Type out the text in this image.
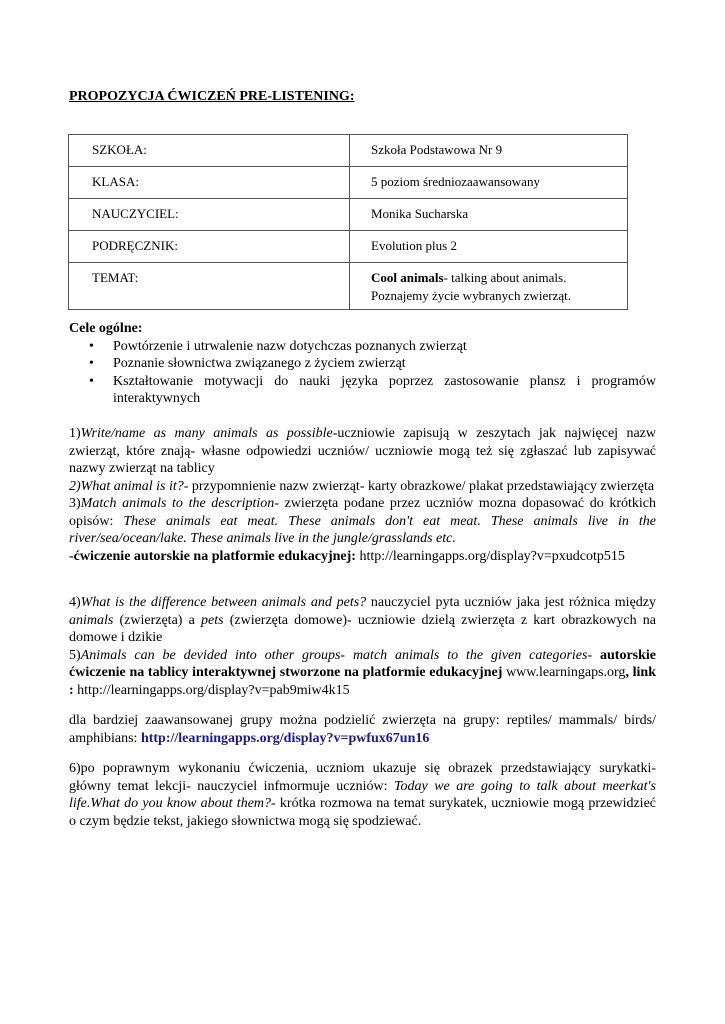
PROPOZYCJA ĆWICZEŃ PRE-LISTENING:
SZKOŁA:	Szkoła Podstawowa Nr 9
KLASA:	5 poziom średniozaawansowany
NAUCZYCIEL:	Monika Sucharska
PODRĘCZNIK:	Evolution plus 2
TEMAT:	Cool animals- talking about animals.
Poznajemy życie wybranych zwierząt.
Cele ogólne:
• Powtórzenie i utrwalenie nazw dotychczas poznanych zwierząt
• Poznanie słownictwa związanego z życiem zwierząt
• Kształtowanie motywacji do nauki języka poprzez zastosowanie plansz i programów interaktywnych

1)Write/name as many animals as possible-uczniowie zapisują w zeszytach jak najwięcej nazw zwierząt, które znają- własne odpowiedzi uczniów/ uczniowie mogą też się zgłaszać lub zapisywać nazwy zwierząt na tablicy

2)What animal is it?- przypomnienie nazw zwierząt- karty obrazkowe/ plakat przedstawiający zwierzęta

3)Match animals to the description- zwierzęta podane przez uczniów mozna dopasować do krótkich opisów: These animals eat meat. These animals don't eat meat. These animals live in the river/sea/ocean/lake. These animals live in the jungle/grasslands etc.

-ćwiczenie autorskie na platformie edukacyjnej: http://learningapps.org/display?v=pxudcotp515

4)What is the difference between animals and pets? nauczyciel pyta uczniów jaka jest różnica między animals (zwierzęta) a pets (zwierzęta domowe)- uczniowie dzielą zwierzęta z kart obrazkowych na domowe i dzikie

5)Animals can be devided into other groups- match animals to the given categories- autorskie ćwiczenie na tablicy interaktywnej stworzone na platformie edukacyjnej www.learningaps.org, link : http://learningapps.org/display?v=pab9miw4k15

dla bardziej zaawansowanej grupy można podzielić zwierzęta na grupy: reptiles/ mammals/ birds/ amphibians: http://learningapps.org/display?v=pwfux67un16

6)po poprawnym wykonaniu ćwiczenia, uczniom ukazuje się obrazek przedstawiający surykatki- główny temat lekcji- nauczyciel infmormuje uczniów: Today we are going to talk about meerkat's life.What do you know about them?- krótka rozmowa na temat surykatek, uczniowie mogą przewidzieć o czym będzie tekst, jakiego słownictwa mogą się spodziewać.
